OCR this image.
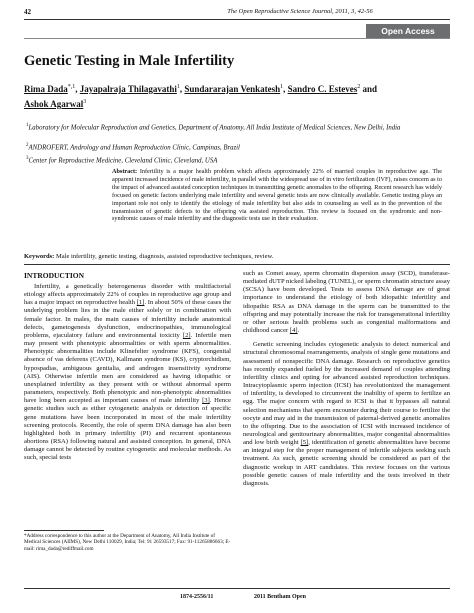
42	The Open Reproductive Science Journal, 2011, 3, 42-56
Open Access
Genetic Testing in Male Infertility
Rima Dada$^{*,1}$, Jayapalraja Thilagavathi$^1$, Sundararajan Venkatesh$^1$, Sandro C. Esteves$^2$ and
Ashok Agarwal$^3$
$^1$Laboratory for Molecular Reproduction and Genetics, Department of Anatomy, All India Institute of Medical Sciences, New Delhi, India
$^2$ANDROFERT, Andrology and Human Reproduction Clinic, Campinas, Brazil
$^3$Center for Reproductive Medicine, Cleveland Clinic, Cleveland, USA
Abstract: Infertility is a major health problem which affects approximately 22% of married couples in reproductive age. The apparent increased incidence of male infertility, in parallel with the widespread use of in vitro fertilization (IVF), raises concern as to the impact of advanced assisted conception techniques in transmitting genetic anomalies to the offspring. Recent research has widely focused on genetic factors underlying male infertility and several genetic tests are now clinically available. Genetic testing plays an important role not only to identify the etiology of male infertility but also aids in counseling as well as in the prevention of the transmission of genetic defects to the offspring via assisted reproduction. This review is focused on the syndromic and non-syndromic causes of male infertility and the diagnostic tests use in their evaluation.
Keywords: Male infertility, genetic testing, diagnosis, assisted reproductive techniques, review.
INTRODUCTION

Infertility, a genetically heterogeneous disorder with multifactorial etiology affects approximately 22% of couples in reproductive age group and has a major impact on reproductive health [1]. In about 50% of these cases the underlying problem lies in the male either solely or in combination with female factor. In males, the main causes of infertility include anatomical defects, gametogenesis dysfunction, endocrinopathies, immunological problems, ejaculatory failure and environmental toxicity [2]. Infertile men may present with phenotypic abnormalities or with sperm abnormalities. Phenotypic abnormalities include Klinefelter syndrome (KFS), congenital absence of vas deferens (CAVD), Kallmann syndrome (KS), cryptorchidism, hypospadias, ambiguous genitalia, and androgen insensitivity syndrome (AIS). Otherwise infertile men are considered as having idiopathic or unexplained infertility as they present with or without abnormal sperm parameters, respectively. Both phenotypic and non-phenotypic abnormalities have long been accepted as important causes of male infertility [3]. Hence genetic studies such as either cytogenetic analysis or detection of specific gene mutations have been incorporated in most of the male infertility screening protocols. Recently, the role of sperm DNA damage has also been highlighted both in primary infertility (PI) and recurrent spontaneous abortions (RSA) following natural and assisted conception. In general, DNA damage cannot be detected by routine cytogenetic and molecular methods. As such, special tests

such as Comet assay, sperm chromatin dispersion assay (SCD), transferase-mediated dUTP nicked labeling (TUNEL), or sperm chromatin structure assay (SCSA) have been developed. Tests to assess DNA damage are of great importance to understand the etiology of both idiopathic infertility and idiopathic RSA as DNA damage in the sperm can be transmitted to the offspring and may potentially increase the risk for transgenerational infertility or other serious health problems such as congenital malformations and childhood cancer [4].

Genetic screening includes cytogenetic analysis to detect numerical and structural chromosomal rearrangements, analysis of single gene mutations and assessment of nonspecific DNA damage. Research on reproductive genetics has recently expanded fueled by the increased demand of couples attending infertility clinics and opting for advanced assisted reproduction techniques. Intracytoplasmic sperm injection (ICSI) has revolutionized the management of infertility, is developed to circumvent the inability of sperm to fertilize an egg. The major concern with regard to ICSI is that it bypasses all natural selection mechanisms that sperm encounter during their course to fertilize the oocyte and may aid in the transmission of paternal-derived genetic anomalies to the offspring. Due to the association of ICSI with increased incidence of neurological and genitourinary abnormalities, major congenital abnormalities and low birth weight [5], identification of genetic abnormalities have become an integral step for the proper management of infertile subjects seeking such treatment. As such, genetic screening should be considered as part of the diagnostic workup in ART candidates. This review focuses on the various possible genetic causes of male infertility and the tests involved in their diagnosis.

*Address correspondence to this author at the Department of Anatomy, All India Institute of Medical Sciences (AIIMS), New Delhi 110029, India; Tel: 91 26593517; Fax: 91-11265886663; E-mail: rima_dada@rediffmail.com
1874-2556/11	2011 Bentham Open
